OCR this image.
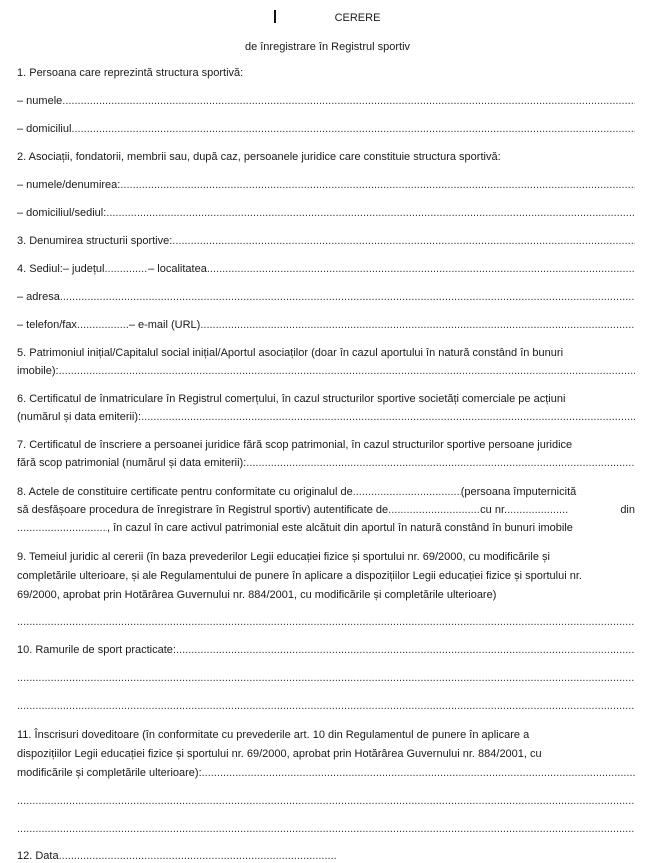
CERERE
de înregistrare în Registrul sportiv
1. Persoana care reprezintă structura sportivă:
– numele
.....
– domiciliul
.....
2. Asociații, fondatorii, membrii sau, după caz, persoanele juridice care constituie structura sportivă:
– numele/denumirea:
.....
– domiciliul/sediul:
.....
3. Denumirea structurii sportive:
.....
4. Sediul:– județul .....	– localitatea
.....
– adresa
.....
– telefon/fax .....	– e-mail (URL)
.....
5. Patrimoniul inițial/Capitalul social inițial/Aportul asociaților (doar în cazul aportului în natură constând în bunuri
imobile):
.....
6. Certificatul de înmatriculare în Registrul comerțului, în cazul structurilor sportive societăți comerciale pe acțiuni
(numărul și data emiterii):
.....
7. Certificatul de înscriere a persoanei juridice fără scop patrimonial, în cazul structurilor sportive persoane juridice
fără scop patrimonial (numărul și data emiterii):
.....
8. Actele de constituire certificate pentru conformitate cu originalul de .....	(persoana împuternicită
să desfășoare procedura de înregistrare în Registrul sportiv) autentificate de .....	cu nr. .....	din
.....
, în cazul în care activul patrimonial este alcătuit din aportul în natură constând în bunuri imobile
9. Temeiul juridic al cererii (în baza prevederilor Legii educației fizice și sportului nr. 69/2000, cu modificările și
completările ulterioare, și ale Regulamentului de punere în aplicare a dispozițiilor Legii educației fizice și sportului nr.
69/2000, aprobat prin Hotărârea Guvernului nr. 884/2001, cu modificările și completările ulterioare)
.....
10. Ramurile de sport practicate:
.....
.....
.....
11. Înscrisuri doveditoare (în conformitate cu prevederile art. 10 din Regulamentul de punere în aplicare a
dispozițiilor Legii educației fizice și sportului nr. 69/2000, aprobat prin Hotărârea Guvernului nr. 884/2001, cu
modificările și completările ulterioare):
.....
.....
.....
12. Data
.....
